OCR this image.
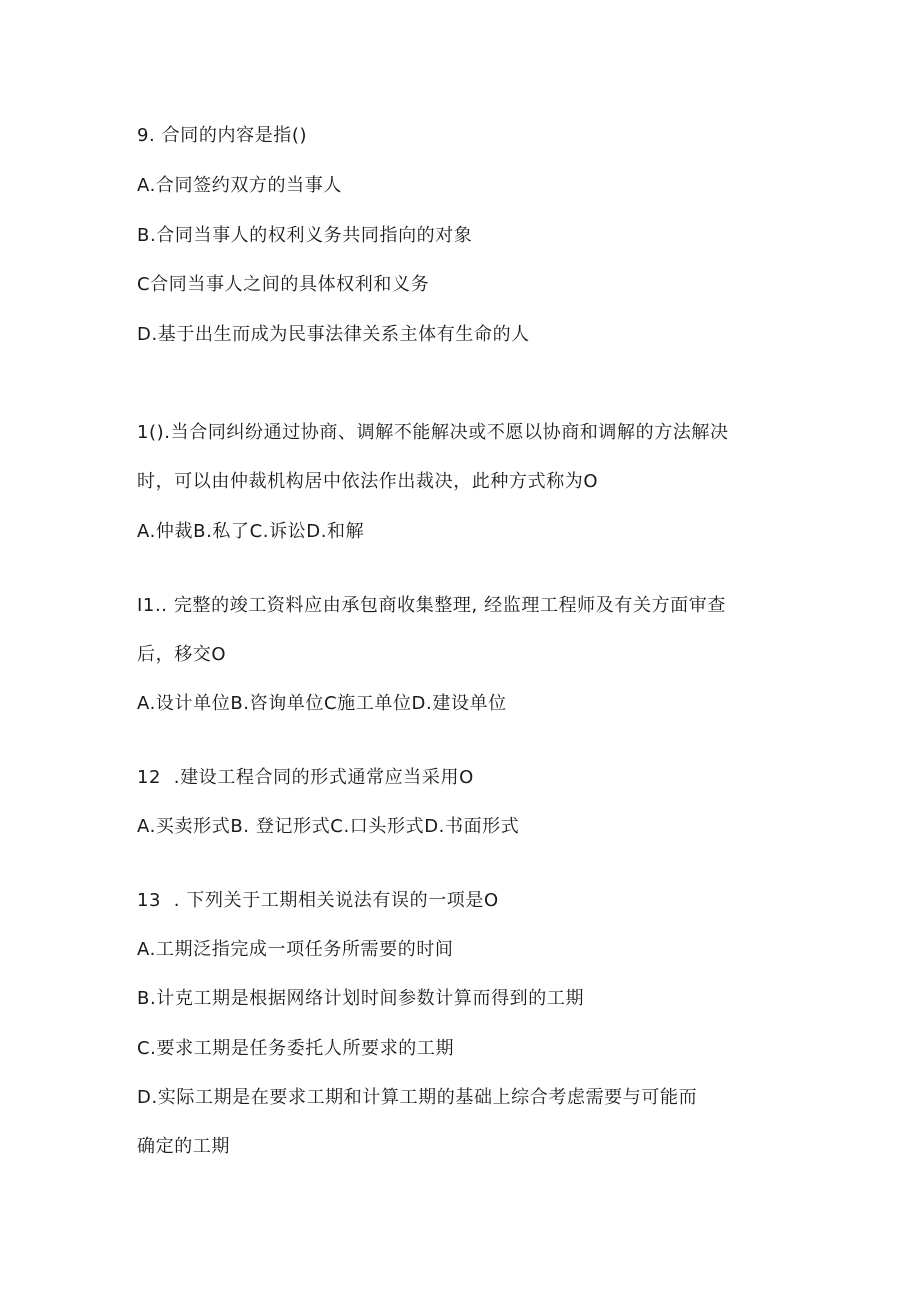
9. 合同的内容是指()
A.合同签约双方的当事人
B.合同当事人的权利义务共同指向的对象
C合同当事人之间的具体权利和义务
D.基于出生而成为民事法律关系主体有生命的人
1().当合同纠纷通过协商、调解不能解决或不愿以协商和调解的方法解决
时，可以由仲裁机构居中依法作出裁决，此种方式称为O
A.仲裁B.私了C.诉讼D.和解
I1.. 完整的竣工资料应由承包商收集整理, 经监理工程师及有关方面审查
后，移交O
A.设计单位B.咨询单位C施工单位D.建设单位
12  .建设工程合同的形式通常应当采用O
A.买卖形式B. 登记形式C.口头形式D.书面形式
13  . 下列关于工期相关说法有误的一项是O
A.工期泛指完成一项任务所需要的时间
B.计克工期是根据网络计划时间参数计算而得到的工期
C.要求工期是任务委托人所要求的工期
D.实际工期是在要求工期和计算工期的基础上综合考虑需要与可能而
确定的工期
